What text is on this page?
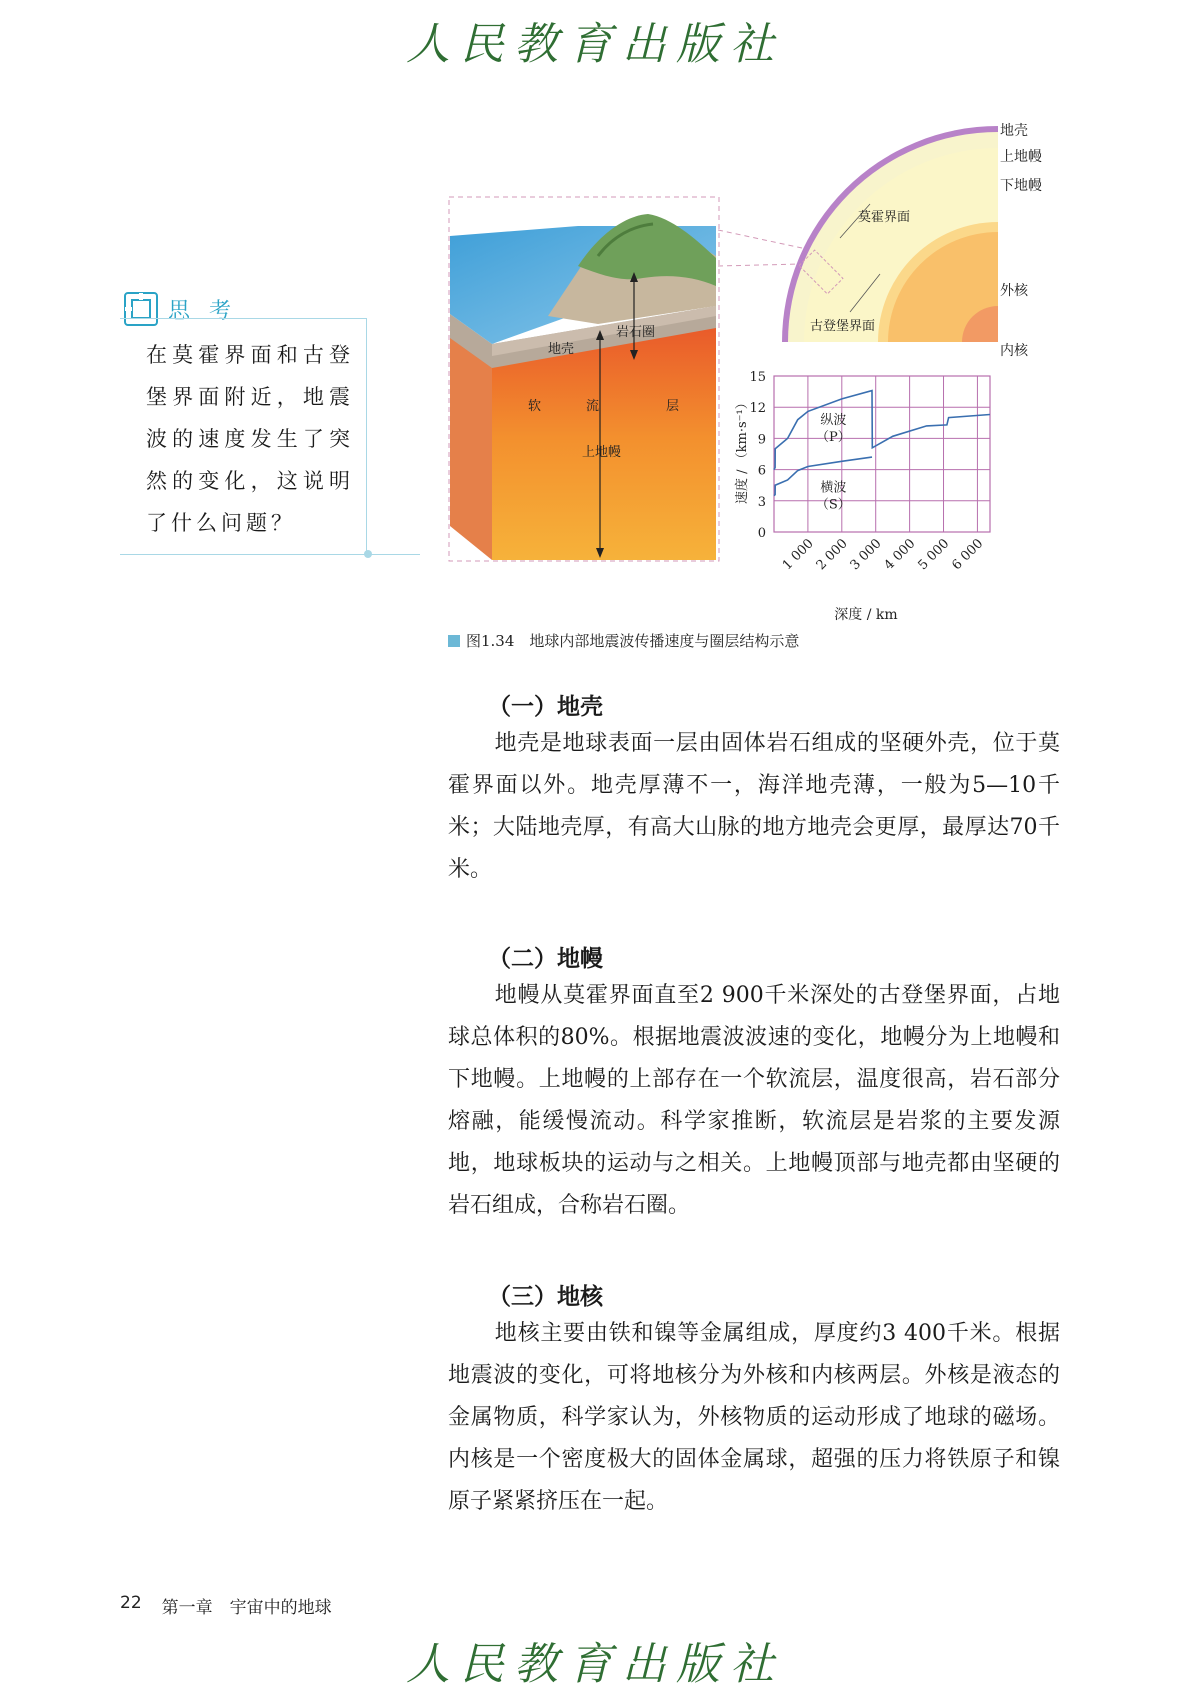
人民教育出版社
人民教育出版社
思 考
在莫霍界面和古登堡界面附近，地震波的速度发生了突然的变化，这说明了什么问题？
岩石圈
地壳
软	流	层
上地幔
地壳
上地幔
下地幔
莫霍界面
外核
古登堡界面
内核
0
3
6
9
12
15
1 000
2 000
3 000
4 000
5 000
6 000
纵波
（P）
横波
（S）
速度 / （km·s⁻¹）
深度 / km
图1.34　地球内部地震波传播速度与圈层结构示意
（一）地壳
地壳是地球表面一层由固体岩石组成的坚硬外壳，位于莫霍界面以外。地壳厚薄不一，海洋地壳薄，一般为5—10千米；大陆地壳厚，有高大山脉的地方地壳会更厚，最厚达70千米。
（二）地幔
地幔从莫霍界面直至2 900千米深处的古登堡界面，占地球总体积的80%。根据地震波波速的变化，地幔分为上地幔和下地幔。上地幔的上部存在一个软流层，温度很高，岩石部分熔融，能缓慢流动。科学家推断，软流层是岩浆的主要发源地，地球板块的运动与之相关。上地幔顶部与地壳都由坚硬的岩石组成，合称岩石圈。
（三）地核
地核主要由铁和镍等金属组成，厚度约3 400千米。根据地震波的变化，可将地核分为外核和内核两层。外核是液态的金属物质，科学家认为，外核物质的运动形成了地球的磁场。内核是一个密度极大的固体金属球，超强的压力将铁原子和镍原子紧紧挤压在一起。
22 第一章　宇宙中的地球
